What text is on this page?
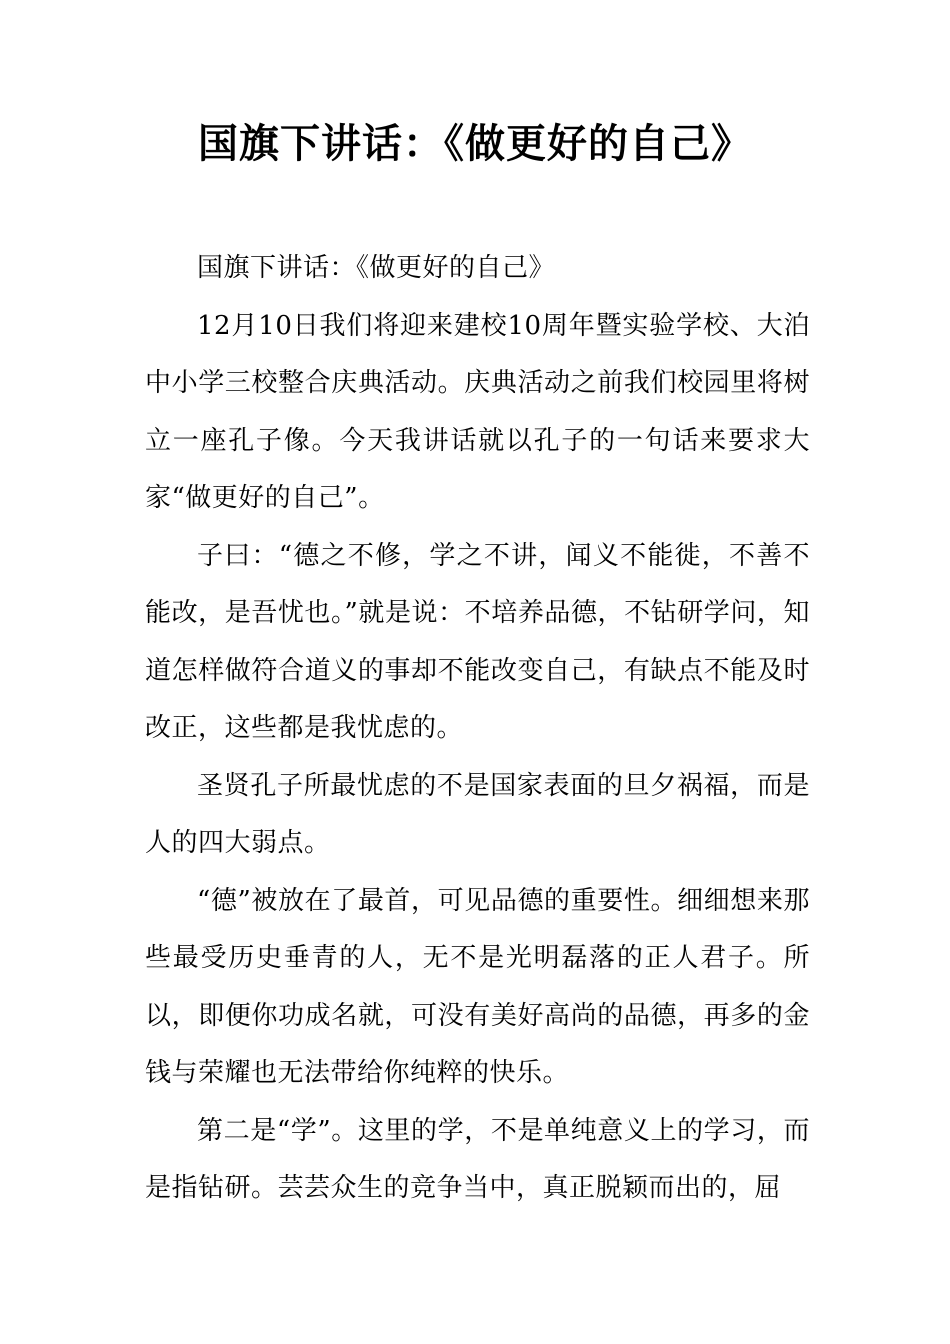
国旗下讲话：《做更好的自己》

国旗下讲话：《做更好的自己》

12月10日我们将迎来建校10周年暨实验学校、大泊中小学三校整合庆典活动。庆典活动之前我们校园里将树立一座孔子像。今天我讲话就以孔子的一句话来要求大家“做更好的自己”。

子曰：“德之不修，学之不讲，闻义不能徙，不善不能改，是吾忧也。”就是说：不培养品德，不钻研学问，知道怎样做符合道义的事却不能改变自己，有缺点不能及时改正，这些都是我忧虑的。

圣贤孔子所最忧虑的不是国家表面的旦夕祸福，而是人的四大弱点。

“德”被放在了最首，可见品德的重要性。细细想来那些最受历史垂青的人，无不是光明磊落的正人君子。所以，即便你功成名就，可没有美好高尚的品德，再多的金钱与荣耀也无法带给你纯粹的快乐。

第二是“学”。这里的学，不是单纯意义上的学习，而是指钻研。芸芸众生的竞争当中，真正脱颖而出的，屈
